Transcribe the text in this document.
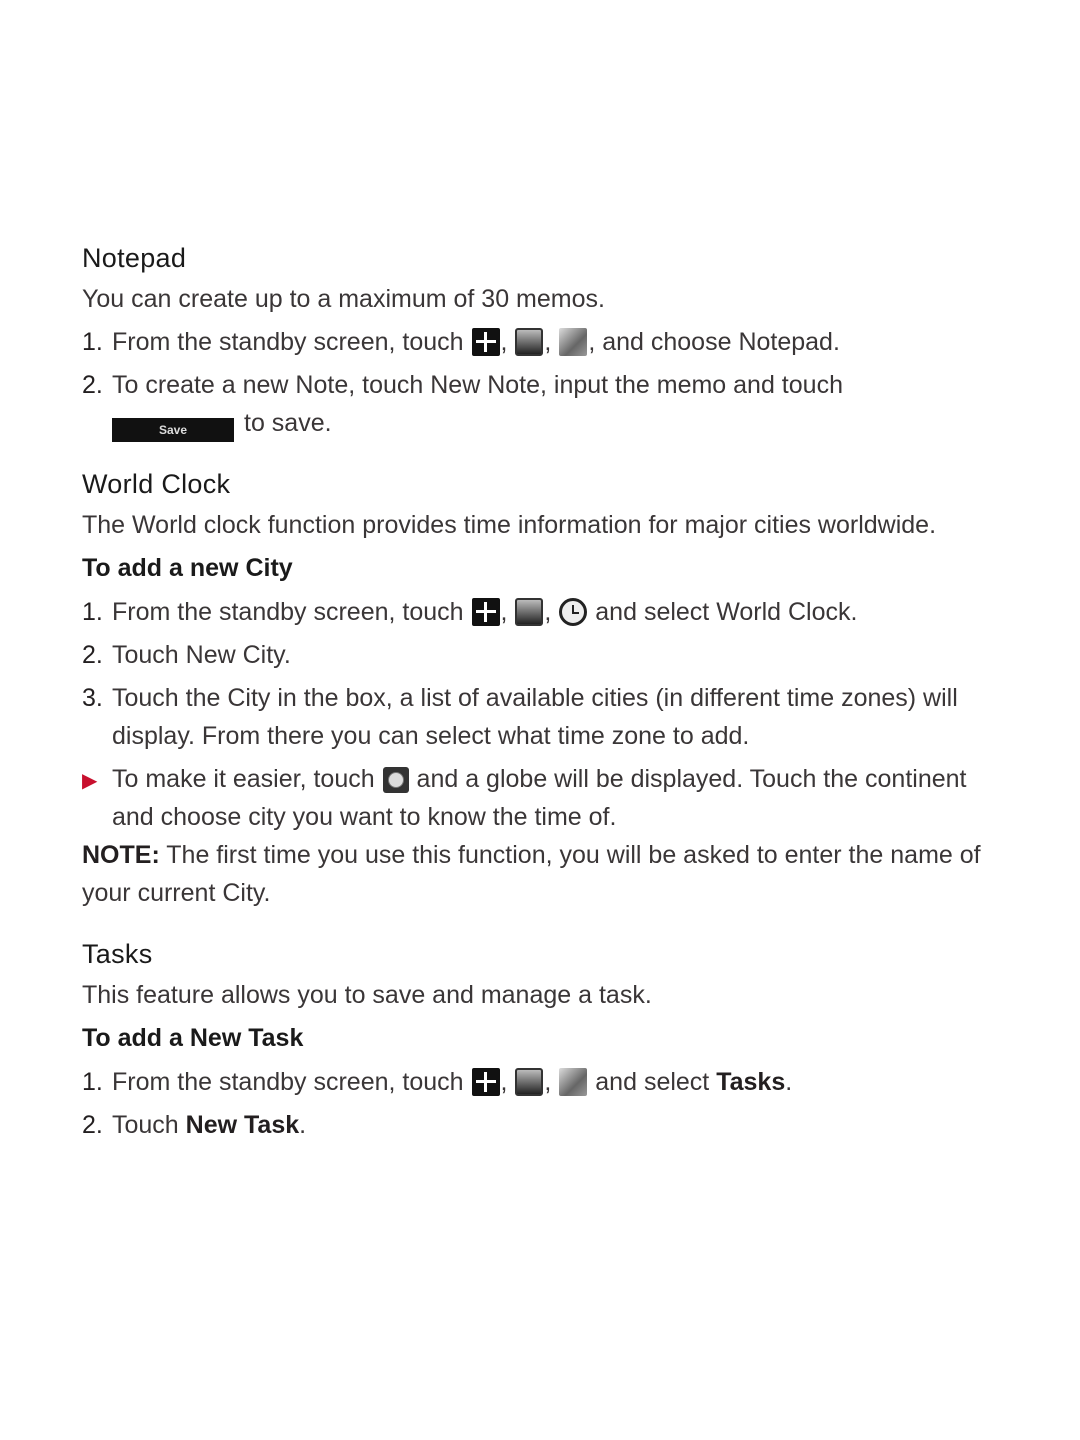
Notepad

You can create up to a maximum of 30 memos.

1. From the standby screen, touch , , , and choose Notepad.
2. To create a new Note, touch New Note, input the memo and touch
Save to save.
World Clock

The World clock function provides time information for major cities worldwide.

To add a new City
1. From the standby screen, touch , ,  and select World Clock.
2. Touch New City.
3. Touch the City in the box, a list of available cities (in different time zones) will display. From there you can select what time zone to add.
▶ To make it easier, touch and a globe will be displayed. Touch the continent and choose city you want to know the time of.

NOTE: The first time you use this function, you will be asked to enter the name of your current City.

Tasks

This feature allows you to save and manage a task.

To add a New Task
1. From the standby screen, touch , ,  and select Tasks.
2. Touch New Task.
